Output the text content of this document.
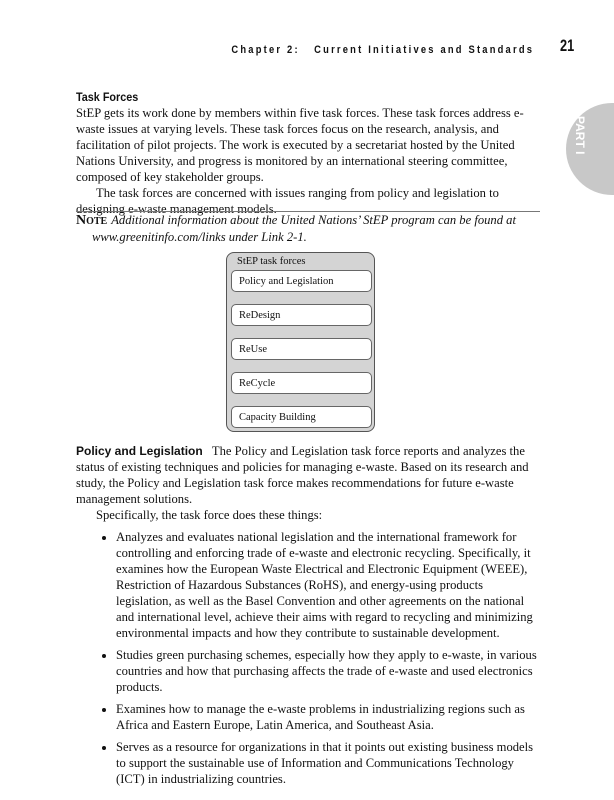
Chapter 2:   Current Initiatives and Standards 21
PART I
Task Forces

StEP gets its work done by members within five task forces. These task forces address e-waste issues at varying levels. These task forces focus on the research, analysis, and facilitation of pilot projects. The work is executed by a secretariat hosted by the United Nations University, and progress is monitored by an international steering committee, composed of key stakeholder groups.

The task forces are concerned with issues ranging from policy and legislation to designing e-waste management models.

Note Additional information about the United Nations’ StEP program can be found at www.greenitinfo.com/links under Link 2-1.
StEP task forces
Policy and Legislation
ReDesign
ReUse
ReCycle
Capacity Building

Policy and Legislation The Policy and Legislation task force reports and analyzes the status of existing techniques and policies for managing e-waste. Based on its research and study, the Policy and Legislation task force makes recommendations for future e-waste management solutions.

Specifically, the task force does these things:

• Analyzes and evaluates national legislation and the international framework for controlling and enforcing trade of e-waste and electronic recycling. Specifically, it examines how the European Waste Electrical and Electronic Equipment (WEEE), Restriction of Hazardous Substances (RoHS), and energy-using products legislation, as well as the Basel Convention and other agreements on the national and international level, achieve their aims with regard to recycling and minimizing environmental impacts and how they contribute to sustainable development.
• Studies green purchasing schemes, especially how they apply to e-waste, in various countries and how that purchasing affects the trade of e-waste and used electronics products.
• Examines how to manage the e-waste problems in industrializing regions such as Africa and Eastern Europe, Latin America, and Southeast Asia.
• Serves as a resource for organizations in that it points out existing business models to support the sustainable use of Information and Communications Technology (ICT) in industrializing countries.
